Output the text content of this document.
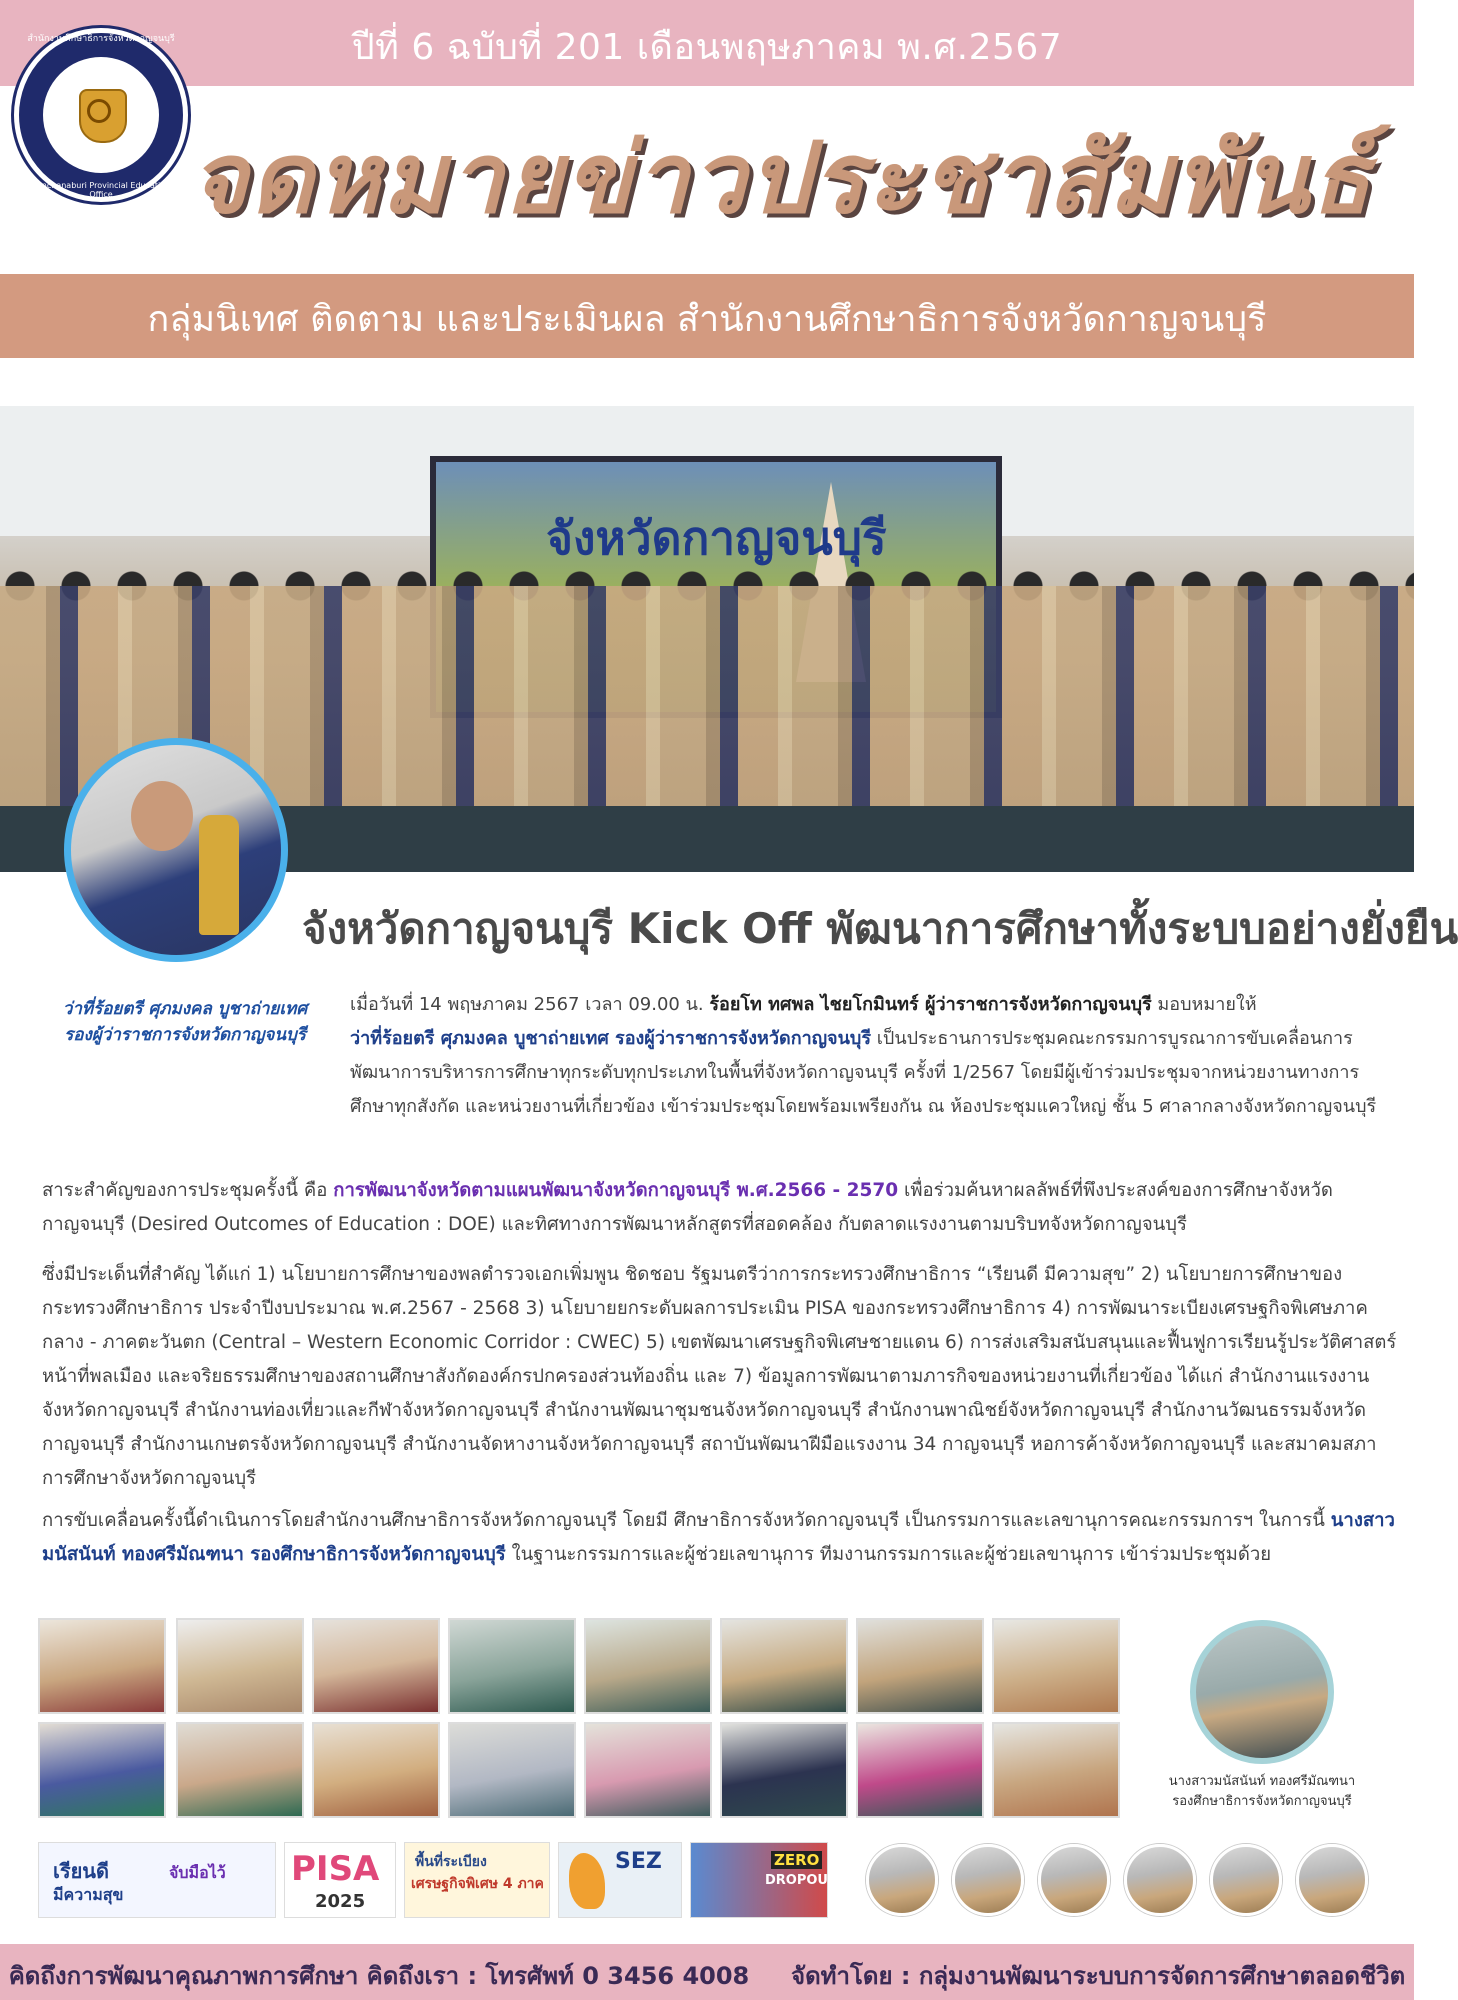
ปีที่ 6 ฉบับที่ 201 เดือนพฤษภาคม พ.ศ.2567
สำนักงานศึกษาธิการจังหวัดกาญจนบุรี
Kanchanaburi Provincial Education Office จดหมายข่าวประชาสัมพันธ์
กลุ่มนิเทศ ติดตาม และประเมินผล สำนักงานศึกษาธิการจังหวัดกาญจนบุรี
จังหวัดกาญจนบุรี
จังหวัดกาญจนบุรี Kick Off พัฒนาการศึกษาทั้งระบบอย่างยั่งยืน
ว่าที่ร้อยตรี ศุภมงคล บูชาถ่ายเทศ
รองผู้ว่าราชการจังหวัดกาญจนบุรี
เมื่อวันที่ 14 พฤษภาคม 2567 เวลา 09.00 น. ร้อยโท ทศพล ไชยโกมินทร์ ผู้ว่าราชการจังหวัดกาญจนบุรี มอบหมายให้
ว่าที่ร้อยตรี ศุภมงคล บูชาถ่ายเทศ รองผู้ว่าราชการจังหวัดกาญจนบุรี เป็นประธานการประชุมคณะกรรมการบูรณาการขับเคลื่อนการพัฒนาการบริหารการศึกษาทุกระดับทุกประเภทในพื้นที่จังหวัดกาญจนบุรี ครั้งที่ 1/2567 โดยมีผู้เข้าร่วมประชุมจากหน่วยงานทางการศึกษาทุกสังกัด และหน่วยงานที่เกี่ยวข้อง เข้าร่วมประชุมโดยพร้อมเพรียงกัน ณ ห้องประชุมแควใหญ่ ชั้น 5 ศาลากลางจังหวัดกาญจนบุรี
สาระสำคัญของการประชุมครั้งนี้ คือ การพัฒนาจังหวัดตามแผนพัฒนาจังหวัดกาญจนบุรี พ.ศ.2566 - 2570 เพื่อร่วมค้นหาผลลัพธ์ที่พึงประสงค์ของการศึกษาจังหวัดกาญจนบุรี (Desired Outcomes of Education : DOE) และทิศทางการพัฒนาหลักสูตรที่สอดคล้อง กับตลาดแรงงานตามบริบทจังหวัดกาญจนบุรี
ซึ่งมีประเด็นที่สำคัญ ได้แก่ 1) นโยบายการศึกษาของพลตำรวจเอกเพิ่มพูน ชิดชอบ รัฐมนตรีว่าการกระทรวงศึกษาธิการ “เรียนดี มีความสุข” 2) นโยบายการศึกษาของกระทรวงศึกษาธิการ ประจำปีงบประมาณ พ.ศ.2567 - 2568 3) นโยบายยกระดับผลการประเมิน PISA ของกระทรวงศึกษาธิการ 4) การพัฒนาระเบียงเศรษฐกิจพิเศษภาคกลาง - ภาคตะวันตก (Central – Western Economic Corridor : CWEC) 5) เขตพัฒนาเศรษฐกิจพิเศษชายแดน 6) การส่งเสริมสนับสนุนและฟื้นฟูการเรียนรู้ประวัติศาสตร์ หน้าที่พลเมือง และจริยธรรมศึกษาของสถานศึกษาสังกัดองค์กรปกครองส่วนท้องถิ่น และ 7) ข้อมูลการพัฒนาตามภารกิจของหน่วยงานที่เกี่ยวข้อง ได้แก่ สำนักงานแรงงานจังหวัดกาญจนบุรี สำนักงานท่องเที่ยวและกีฬาจังหวัดกาญจนบุรี สำนักงานพัฒนาชุมชนจังหวัดกาญจนบุรี สำนักงานพาณิชย์จังหวัดกาญจนบุรี สำนักงานวัฒนธรรมจังหวัดกาญจนบุรี สำนักงานเกษตรจังหวัดกาญจนบุรี สำนักงานจัดหางานจังหวัดกาญจนบุรี สถาบันพัฒนาฝีมือแรงงาน 34 กาญจนบุรี หอการค้าจังหวัดกาญจนบุรี และสมาคมสภาการศึกษาจังหวัดกาญจนบุรี
การขับเคลื่อนครั้งนี้ดำเนินการโดยสำนักงานศึกษาธิการจังหวัดกาญจนบุรี โดยมี ศึกษาธิการจังหวัดกาญจนบุรี เป็นกรรมการและเลขานุการคณะกรรมการฯ ในการนี้ นางสาวมนัสนันท์ ทองศรีมัณฑนา รองศึกษาธิการจังหวัดกาญจนบุรี ในฐานะกรรมการและผู้ช่วยเลขานุการ ทีมงานกรรมการและผู้ช่วยเลขานุการ เข้าร่วมประชุมด้วย
นางสาวมนัสนันท์ ทองศรีมัณฑนา
รองศึกษาธิการจังหวัดกาญจนบุรี
เรียนดี
มีความสุข
จับมือไว้ PISA
2025
พื้นที่ระเบียง
เศรษฐกิจพิเศษ 4 ภาค
SEZ	ZERO
DROPOUT
คิดถึงการพัฒนาคุณภาพการศึกษา คิดถึงเรา : โทรศัพท์ 0 3456 4008     จัดทำโดย : กลุ่มงานพัฒนาระบบการจัดการศึกษาตลอดชีวิต
